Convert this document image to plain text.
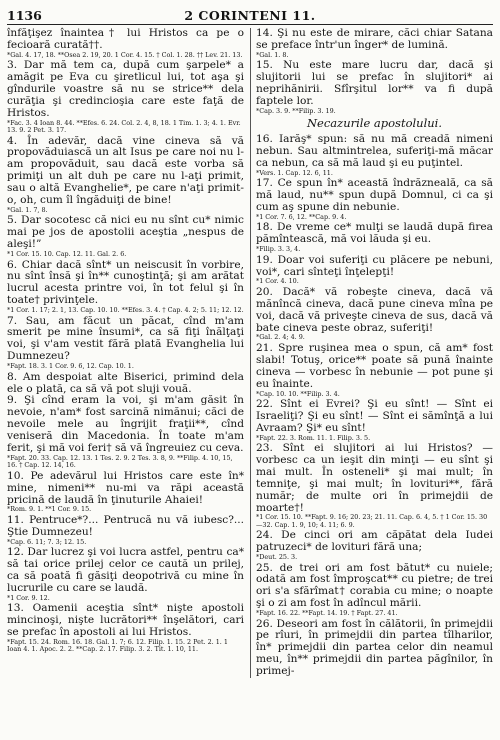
1136	2 CORINTENI 11.

înfăţişez înaintea† lui Hristos ca pe o fecioară curată††.

*Gal. 4. 17, 18. **Osea 2. 19, 20. 1 Cor. 4. 15. † Col. 1. 28. †† Lev. 21. 13.

3. Dar mă tem ca, după cum şarpele* a amăgit pe Eva cu şiretlicul lui, tot aşa şi gîndurile voastre să nu se strice** dela curăţia şi credincioşia care este faţă de Hristos.

*Fac. 3. 4 Ioan 8. 44. **Efes. 6. 24. Col. 2. 4, 8, 18. 1 Tim. 1. 3; 4. 1. Evr. 13. 9. 2 Pet. 3. 17.

4. În adevăr, dacă vine cineva să vă propovăduiască un alt Isus pe care noi nu l-am propovăduit, sau dacă este vorba să primiţi un alt duh pe care nu l-aţi primit, sau o altă Evanghelie*, pe care n'aţi primit-o, oh, cum îl îngăduiţi de bine!

*Gal. 1. 7, 8.

5. Dar socotesc că nici eu nu sînt cu* nimic mai pe jos de apostolii aceştia „nespus de aleşi!”

*1 Cor. 15. 10. Cap. 12. 11. Gal. 2. 6.

6. Chiar dacă sînt* un neiscusit în vorbire, nu sînt însă şi în** cunoştinţă; şi am arătat lucrul acesta printre voi, în tot felul şi în toate† privinţele.

*1 Cor. 1. 17; 2. 1, 13. Cap. 10. 10. **Efes. 3. 4. † Cap. 4. 2; 5. 11; 12. 12.

7. Sau, am făcut un păcat, cînd m'am smerit pe mine însumi*, ca să fiţi înălţaţi voi, şi v'am vestit fără plată Evanghelia lui Dumnezeu?

*Fapt. 18. 3. 1 Cor. 9. 6, 12. Cap. 10. 1.

8. Am despoiat alte Biserici, primind dela ele o plată, ca să vă pot sluji vouă.

9. Şi cînd eram la voi, şi m'am găsit în nevoie, n'am* fost sarcină nimănui; căci de nevoile mele au îngrijit fraţii**, cînd veniseră din Macedonia. În toate m'am ferit, şi mă voi feri† să vă îngreuiez cu ceva.

*Fapt. 20. 33. Cap. 12. 13. 1 Tes. 2. 9. 2 Tes. 3. 8, 9. **Filip. 4. 10, 15, 16. † Cap. 12. 14, 16.

10. Pe adevărul lui Hristos care este în* mine, nimeni** nu-mi va răpi această pricină de laudă în ţinuturile Ahaiei!

*Rom. 9. 1. **1 Cor. 9. 15.

11. Pentruce*?... Pentrucă nu vă iubesc?... Ştie Dumnezeu!

*Cap. 6. 11; 7. 3; 12. 15.

12. Dar lucrez şi voi lucra astfel, pentru ca* să tai orice prilej celor ce caută un prilej, ca să poată fi găsiţi deopotrivă cu mine în lucrurile cu care se laudă.

*1 Cor. 9. 12.

13. Oamenii aceştia sînt* nişte apostoli mincinoşi, nişte lucrători** înşelători, cari se prefac în apostoli ai lui Hristos.

*Fapt. 15. 24. Rom. 16. 18. Gal. 1. 7; 6. 12. Filip. 1. 15. 2 Pet. 2. 1. 1 Ioan 4. 1. Apoc. 2. 2. **Cap. 2. 17. Filip. 3. 2. Tit. 1. 10, 11.

14. Şi nu este de mirare, căci chiar Satana se preface într'un înger* de lumină.

*Gal. 1. 8.

15. Nu este mare lucru dar, dacă şi slujitorii lui se prefac în slujitori* ai neprihănirii. Sfîrşitul lor** va fi după faptele lor.

*Cap. 3. 9. **Filip. 3. 19.

Necazurile apostolului.

16. Iarăş* spun: să nu mă creadă nimeni nebun. Sau altmintrelea, suferiţi-mă măcar ca nebun, ca să mă laud şi eu puţintel.

*Vers. 1. Cap. 12. 6, 11.

17. Ce spun în* această îndrăzneală, ca să mă laud, nu** spun după Domnul, ci ca şi cum aş spune din nebunie.

*1 Cor. 7. 6, 12. **Cap. 9. 4.

18. De vreme ce* mulţi se laudă după firea pămîntească, mă voi lăuda şi eu.

*Filip. 3. 3, 4.

19. Doar voi suferiţi cu plăcere pe nebuni, voi*, cari sînteţi înţelepţi!

*1 Cor. 4. 10.

20. Dacă* vă robeşte cineva, dacă vă mănîncă cineva, dacă pune cineva mîna pe voi, dacă vă priveşte cineva de sus, dacă vă bate cineva peste obraz, suferiţi!

*Gal. 2. 4; 4. 9.

21. Spre ruşinea mea o spun, că am* fost slabi! Totuş, orice** poate să pună înainte cineva — vorbesc în nebunie — pot pune şi eu înainte.

*Cap. 10. 10. **Filip. 3. 4.

22. Sînt ei Evrei? Şi eu sînt! — Sînt ei Israeliţi? Şi eu sînt! — Sînt ei sămînţă a lui Avraam? Şi* eu sînt!

*Fapt. 22. 3. Rom. 11. 1. Filip. 3. 5.

23. Sînt ei slujitori ai lui Hristos? — vorbesc ca un ieşit din minţi — eu sînt şi mai mult. În osteneli* şi mai mult; în temniţe, şi mai mult; în lovituri**, fără număr; de multe ori în primejdii de moarte†!

*1 Cor. 15. 10. **Fapt. 9. 16; 20. 23; 21. 11. Cap. 6. 4, 5. † 1 Cor. 15. 30—32. Cap. 1. 9, 10; 4. 11; 6. 9.

24. De cinci ori am căpătat dela Iudei patruzeci* de lovituri fără una;

*Deut. 25. 3.

25. de trei ori am fost bătut* cu nuiele; odată am fost împroşcat** cu pietre; de trei ori s'a sfărîmat† corabia cu mine; o noapte şi o zi am fost în adîncul mării.

*Fapt. 16. 22. **Fapt. 14. 19. † Fapt. 27. 41.

26. Deseori am fost în călătorii, în primejdii pe rîuri, în primejdii din partea tîlharilor, în* primejdii din partea celor din neamul meu, în** primejdii din partea păgînilor, în primej-
